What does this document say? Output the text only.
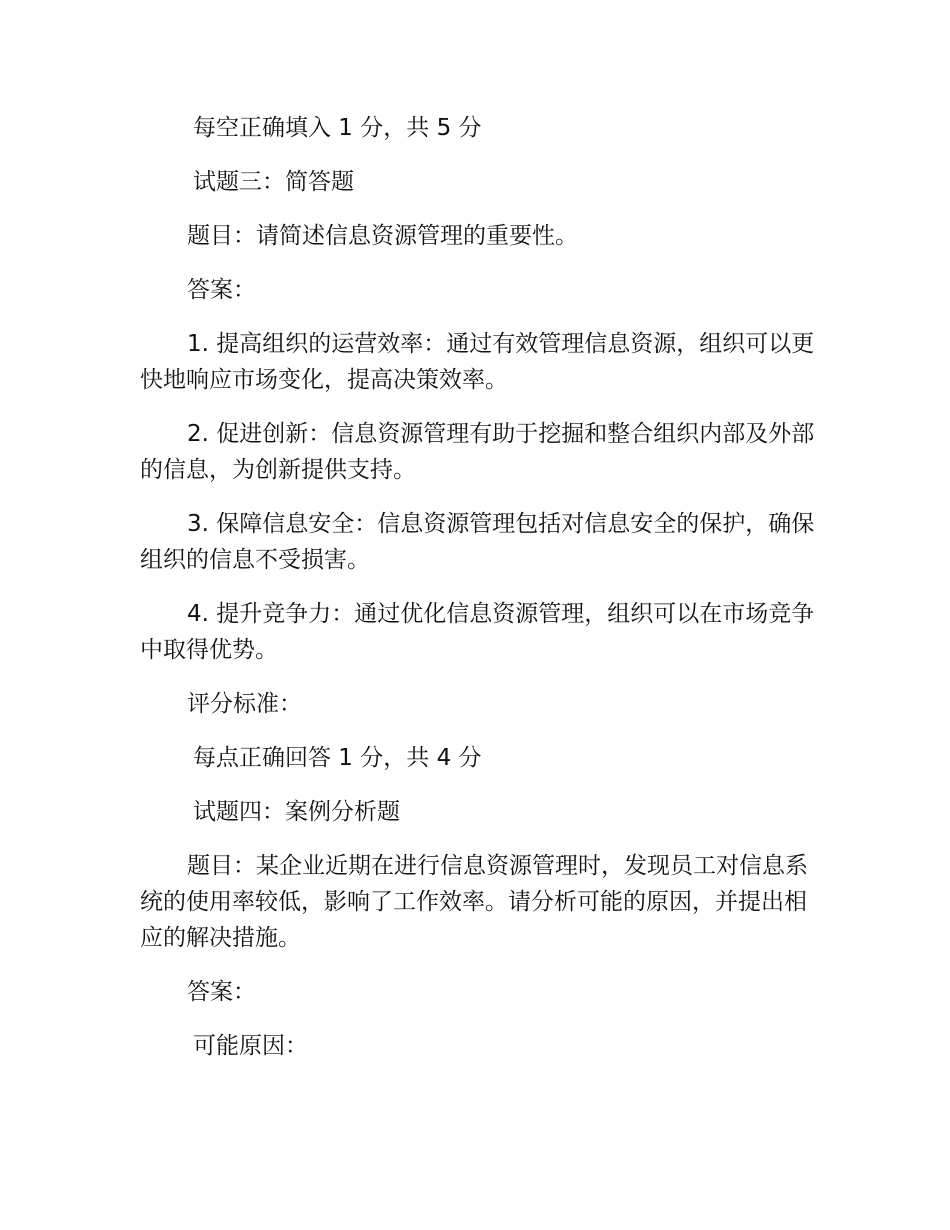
每空正确填入 1 分，共 5 分

试题三：简答题

题目：请简述信息资源管理的重要性。

答案：

1. 提高组织的运营效率：通过有效管理信息资源，组织可以更快地响应市场变化，提高决策效率。

2. 促进创新：信息资源管理有助于挖掘和整合组织内部及外部的信息，为创新提供支持。

3. 保障信息安全：信息资源管理包括对信息安全的保护，确保组织的信息不受损害。

4. 提升竞争力：通过优化信息资源管理，组织可以在市场竞争中取得优势。

评分标准：

每点正确回答 1 分，共 4 分

试题四：案例分析题

题目：某企业近期在进行信息资源管理时，发现员工对信息系统的使用率较低，影响了工作效率。请分析可能的原因，并提出相应的解决措施。

答案：

可能原因：
